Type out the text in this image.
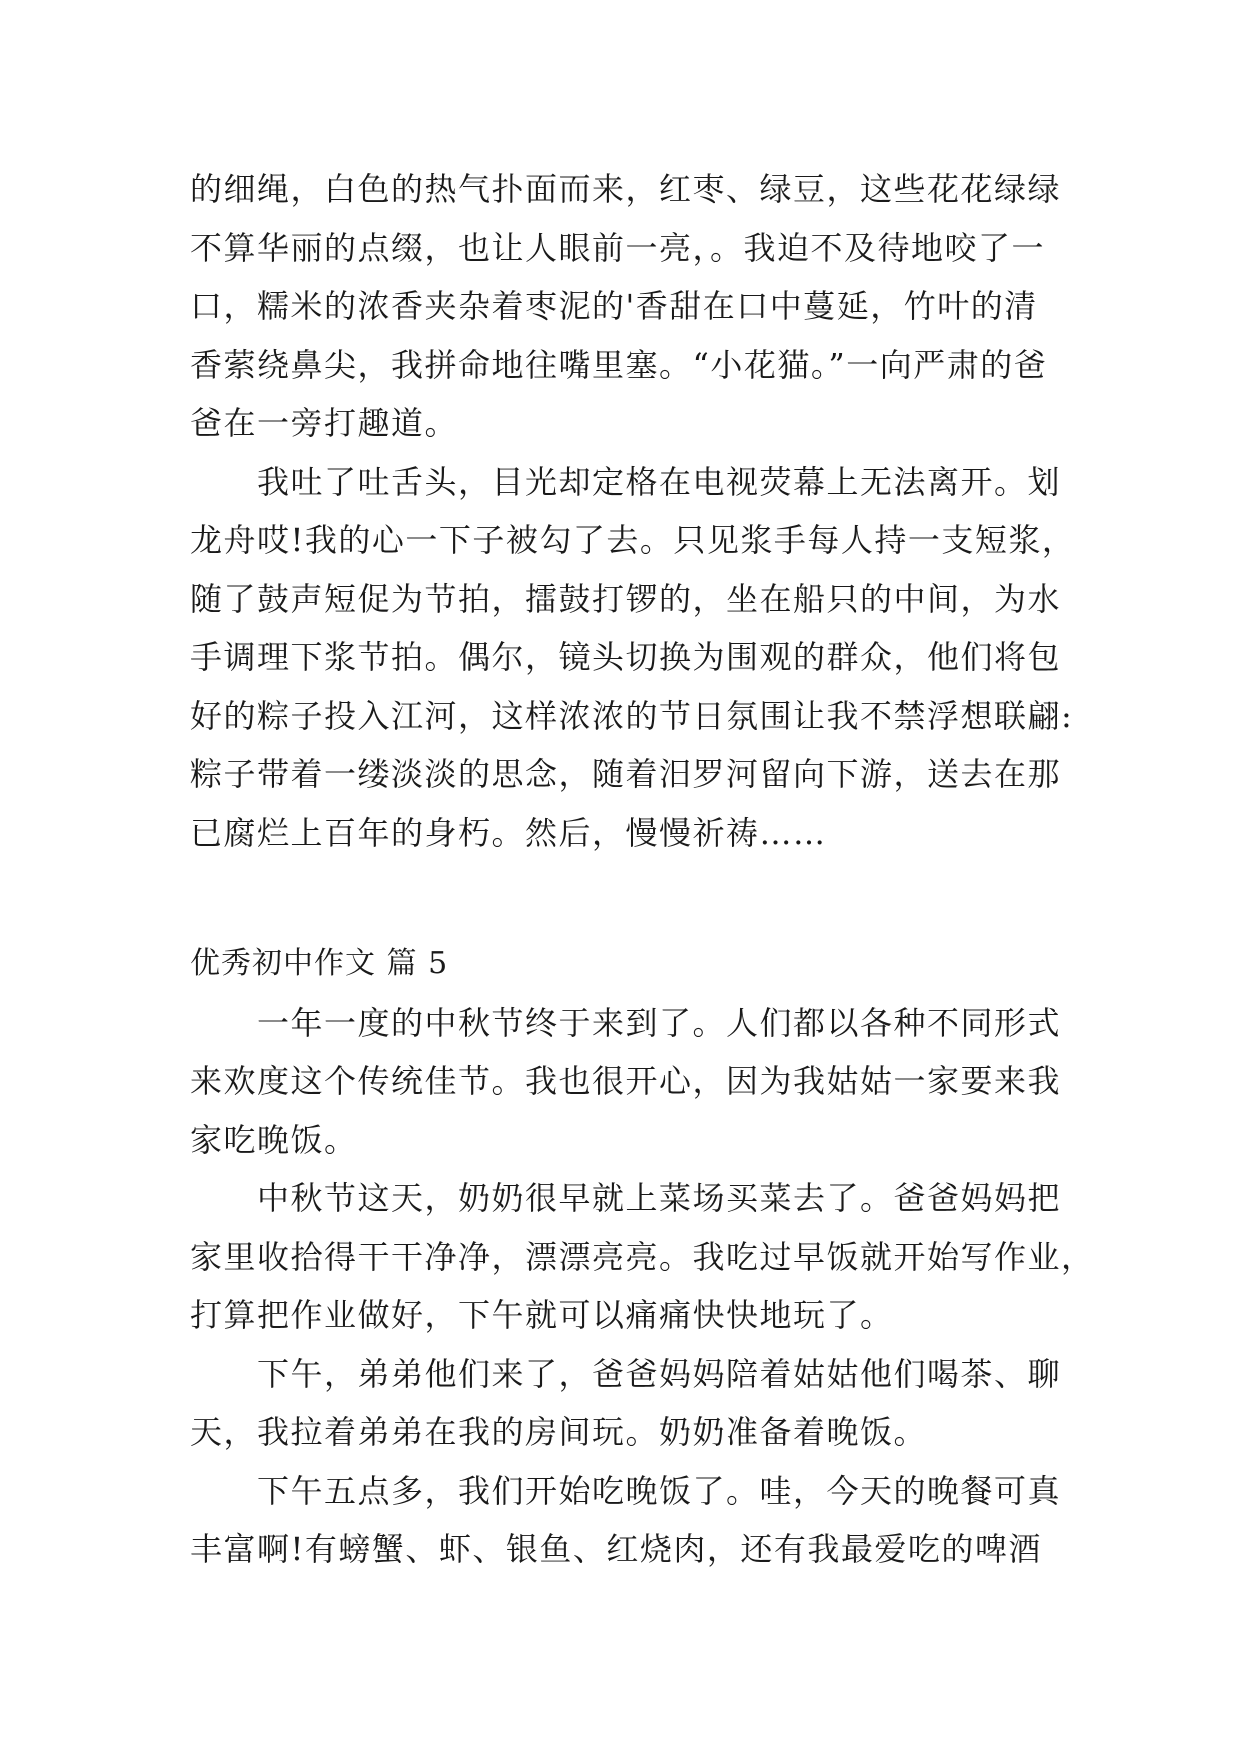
的细绳，白色的热气扑面而来，红枣、绿豆，这些花花绿绿
不算华丽的点缀，也让人眼前一亮，。我迫不及待地咬了一
口，糯米的浓香夹杂着枣泥的'香甜在口中蔓延，竹叶的清
香萦绕鼻尖，我拼命地往嘴里塞。“小花猫。”一向严肃的爸
爸在一旁打趣道。
我吐了吐舌头，目光却定格在电视荧幕上无法离开。划
龙舟哎!我的心一下子被勾了去。只见浆手每人持一支短浆，
随了鼓声短促为节拍，擂鼓打锣的，坐在船只的中间，为水
手调理下浆节拍。偶尔，镜头切换为围观的群众，他们将包
好的粽子投入江河，这样浓浓的节日氛围让我不禁浮想联翩:
粽子带着一缕淡淡的思念，随着汨罗河留向下游，送去在那
已腐烂上百年的身朽。然后，慢慢祈祷……
优秀初中作文 篇 5
一年一度的中秋节终于来到了。人们都以各种不同形式
来欢度这个传统佳节。我也很开心，因为我姑姑一家要来我
家吃晚饭。
中秋节这天，奶奶很早就上菜场买菜去了。爸爸妈妈把
家里收拾得干干净净，漂漂亮亮。我吃过早饭就开始写作业，
打算把作业做好，下午就可以痛痛快快地玩了。
下午，弟弟他们来了，爸爸妈妈陪着姑姑他们喝茶、聊
天，我拉着弟弟在我的房间玩。奶奶准备着晚饭。
下午五点多，我们开始吃晚饭了。哇，今天的晚餐可真
丰富啊!有螃蟹、虾、银鱼、红烧肉，还有我最爱吃的啤酒
